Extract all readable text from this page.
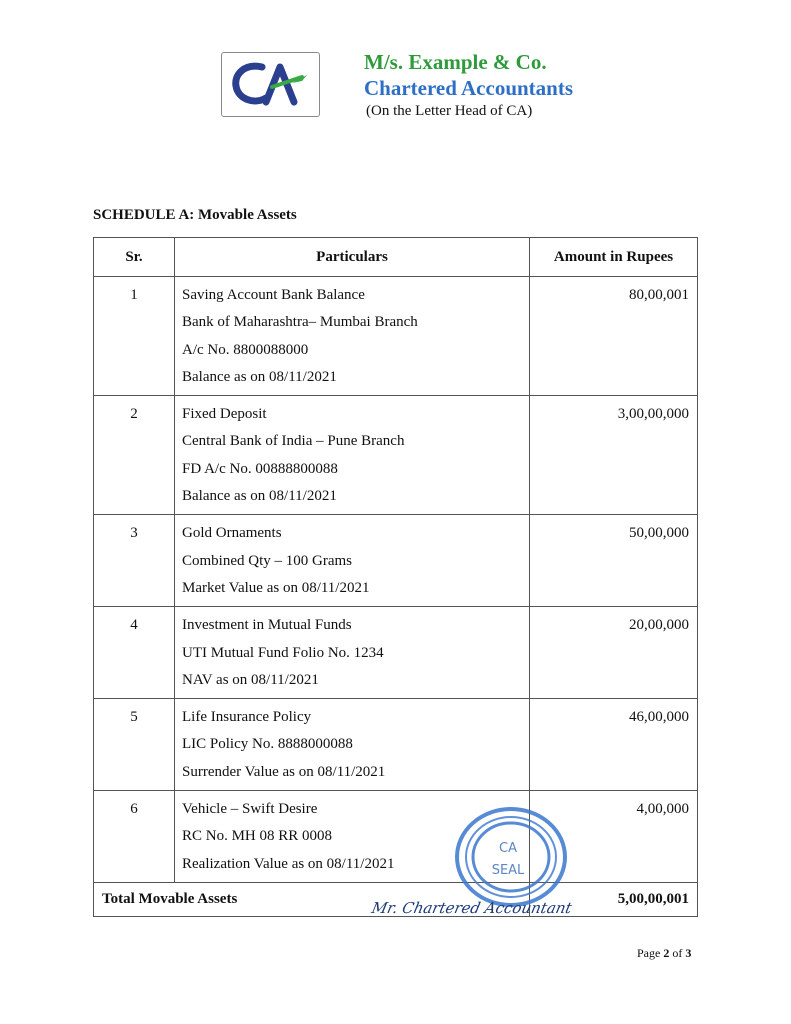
M/s. Example & Co.
Chartered Accountants
(On the Letter Head of CA)
SCHEDULE A: Movable Assets
Sr.	Particulars	Amount in Rupees
1	Saving Account Bank Balance
Bank of Maharashtra– Mumbai Branch
A/c No. 8800088000
Balance as on 08/11/2021	80,00,001
2	Fixed Deposit
Central Bank of India – Pune Branch
FD A/c No. 00888800088
Balance as on 08/11/2021	3,00,00,000
3	Gold Ornaments
Combined Qty – 100 Grams
Market Value as on 08/11/2021	50,00,000
4	Investment in Mutual Funds
UTI Mutual Fund Folio No. 1234
NAV as on 08/11/2021	20,00,000
5	Life Insurance Policy
LIC Policy No. 8888000088
Surrender Value as on 08/11/2021	46,00,000
6	Vehicle – Swift Desire
RC No. MH 08 RR 0008
Realization Value as on 08/11/2021	4,00,000
Total Movable Assets		5,00,00,001
CA
SEAL
Mr. Chartered Accountant
Page 2 of 3
